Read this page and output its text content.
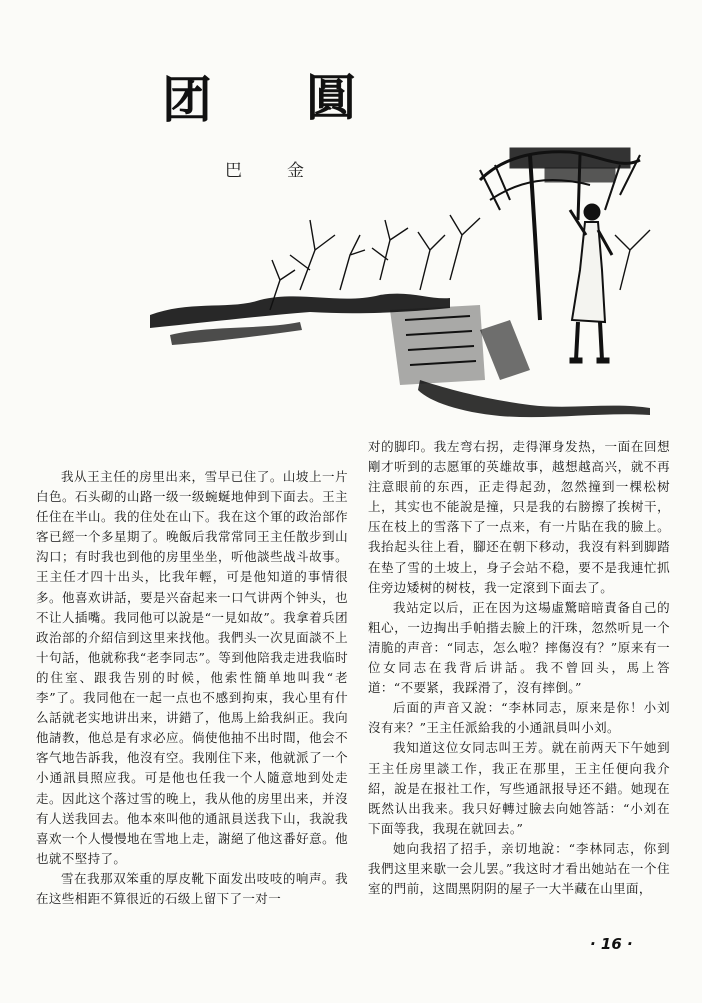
团 圓
巴	金

我从王主任的房里出来，雪早已住了。山坡上一片白色。石头砌的山路一级一级蜿蜒地伸到下面去。王主任住在半山。我的住处在山下。我在这个軍的政治部作客已經一个多星期了。晚飯后我常常同王主任散步到山沟口；有时我也到他的房里坐坐，听他談些战斗故事。王主任才四十出头，比我年輕，可是他知道的事情很多。他喜欢讲話，要是兴奋起来一口气讲两个钟头，也不让人插嘴。我同他可以說是“一見如故”。我拿着兵团政治部的介紹信到这里来找他。我們头一次見面談不上十句話，他就称我“老李同志”。等到他陪我走进我临时的住室、跟我告别的时候，他索性簡单地叫我“老李”了。我同他在一起一点也不感到拘束，我心里有什么話就老实地讲出来，讲錯了，他馬上給我糾正。我向他請教，他总是有求必应。倘使他抽不出时間，他会不客气地告訴我，他沒有空。我刚住下来，他就派了一个小通訊員照应我。可是他也任我一个人隨意地到处走走。因此这个落过雪的晚上，我从他的房里出来，并沒有人送我回去。他本來叫他的通訊員送我下山，我說我喜欢一个人慢慢地在雪地上走，謝絕了他这番好意。他也就不堅持了。

雪在我那双笨重的厚皮靴下面发出吱吱的响声。我在这些相距不算很近的石级上留下了一对一

对的脚印。我左弯右拐，走得渾身发热，一面在回想剛才听到的志愿軍的英雄故事，越想越高兴，就不再注意眼前的东西，正走得起劲，忽然撞到一棵松树上，其实也不能說是撞，只是我的右膀擦了挨树干，压在枝上的雪落下了一点来，有一片貼在我的臉上。我抬起头往上看，腳还在朝下移动，我沒有料到脚踏在垫了雪的土坡上，身子会站不稳，要不是我連忙抓住旁边矮树的树枝，我一定滾到下面去了。

我站定以后，正在因为这場虛驚暗暗責备自己的粗心，一边掏出手帕揩去臉上的汗珠，忽然听見一个清脆的声音：“同志，怎么啦？摔傷沒有？”原来有一位女同志在我背后讲話。我不曾回头，馬上答道：“不要紧，我踩滑了，沒有摔倒。”

后面的声音又說：“李林同志，原来是你！小刘沒有来？”王主任派給我的小通訊員叫小刘。

我知道这位女同志叫王芳。就在前两天下午她到王主任房里談工作，我正在那里，王主任便向我介紹，說是在报社工作，写些通訊报导还不錯。她现在既然认出我来。我只好轉过臉去向她答話：“小刘在下面等我，我現在就回去。”

她向我招了招手，亲切地說：“李林同志，你到我們这里来歇一会儿罢。”我这时才看出她站在一个住室的門前，这間黑阴阴的屋子一大半藏在山里面，

· 16 ·
